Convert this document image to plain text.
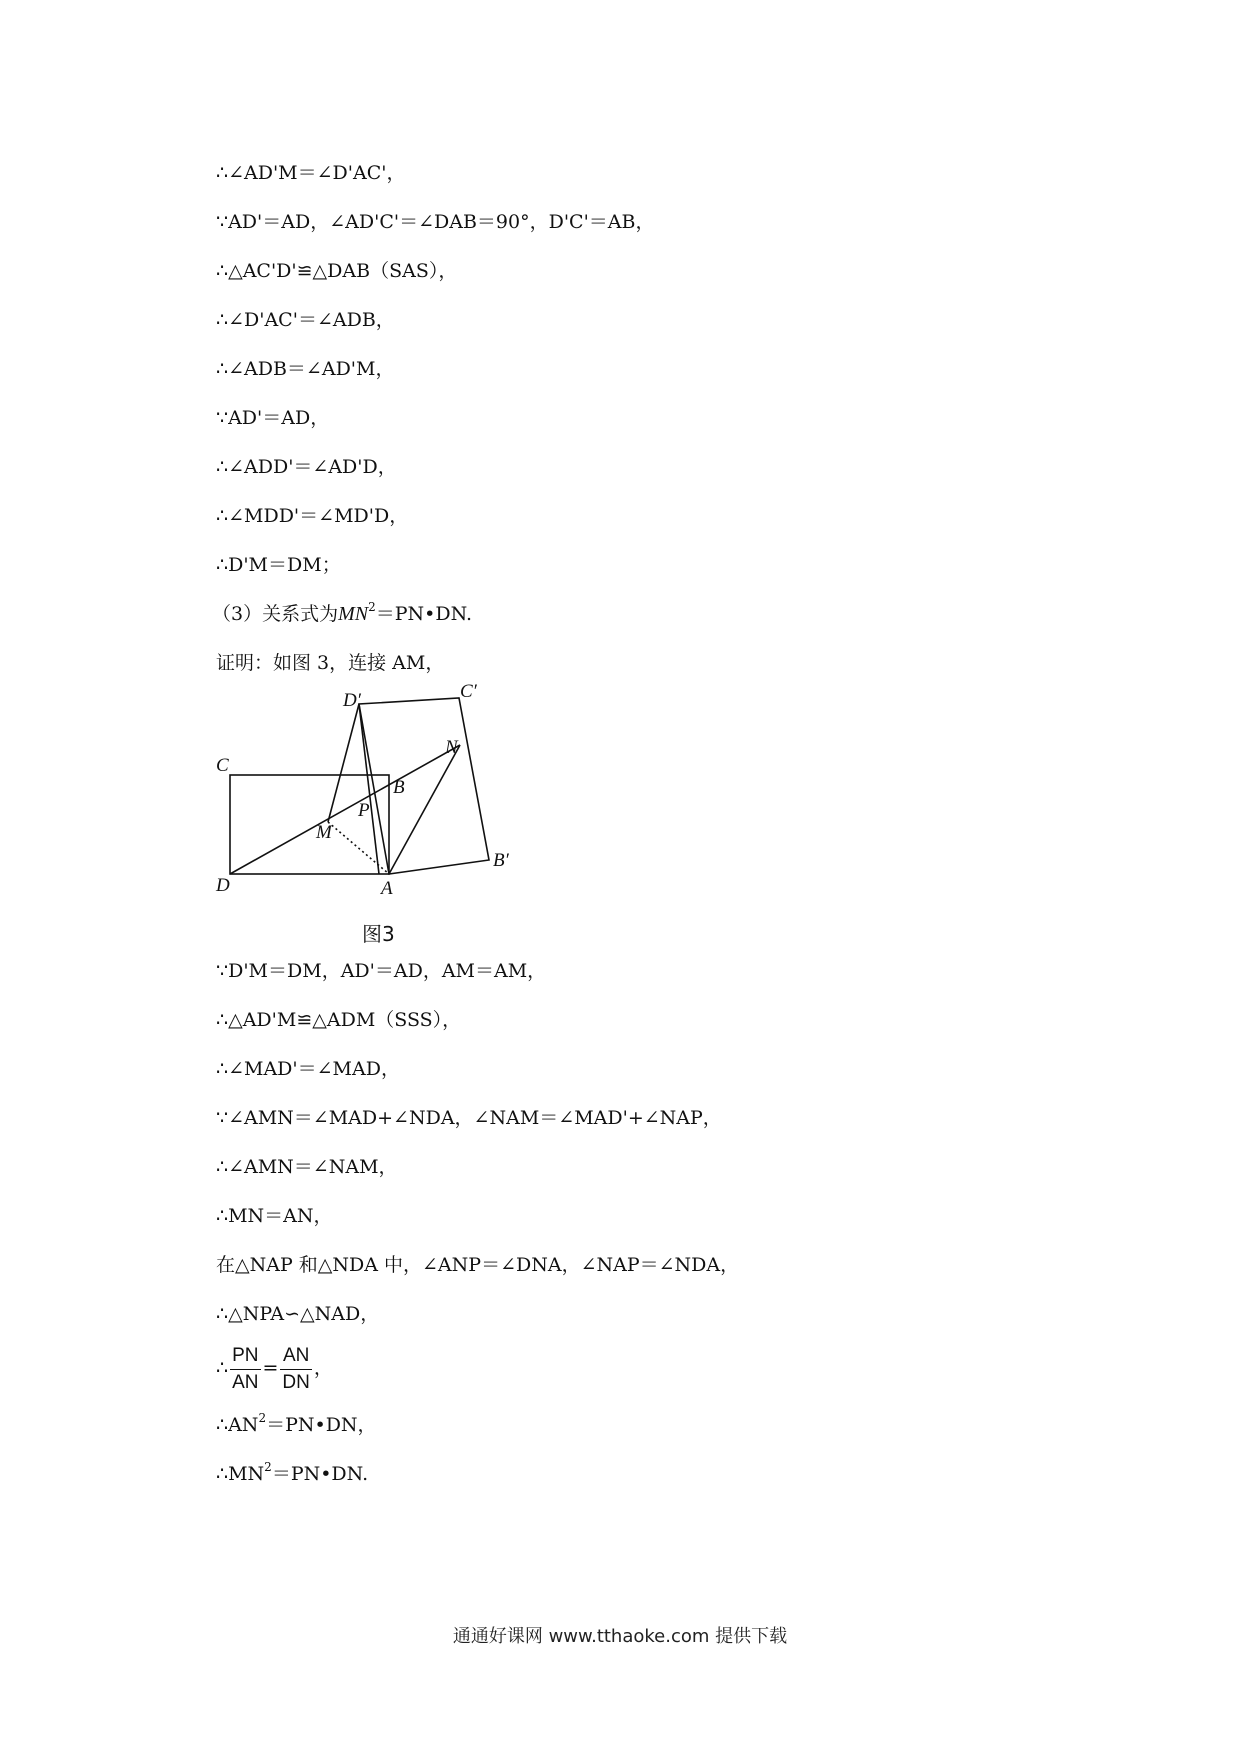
∴∠AD'M＝∠D'AC'，
∵AD'＝AD，∠AD'C'＝∠DAB＝90°，D'C'＝AB，
∴△AC'D'≌△DAB（SAS），
∴∠D'AC'＝∠ADB，
∴∠ADB＝∠AD'M，
∵AD'＝AD，
∴∠ADD'＝∠AD'D，
∴∠MDD'＝∠MD'D，
∴D'M＝DM；
（3）关系式为$MN^2=PN•DN$.
证明：如图 3，连接 AM，
C
D′	C′
N
B
P
M
D	A
B′
图3
∵D'M＝DM，AD'＝AD，AM＝AM，
∴△AD'M≌△ADM（SSS），
∴∠MAD'＝∠MAD，
∵∠AMN＝∠MAD+∠NDA，∠NAM＝∠MAD'+∠NAP，
∴∠AMN＝∠NAM，
∴MN＝AN，
在△NAP 和△NDA 中，∠ANP＝∠DNA，∠NAP＝∠NDA，
∴△NPA∽△NAD，
∴ $\frac{PN}{AN} = \frac{AN}{DN}$ ，
$\therefore AN^2=PN•DN$，
$\therefore MN^2=PN•DN$.
通通好课网 www.tthaoke.com 提供下载
